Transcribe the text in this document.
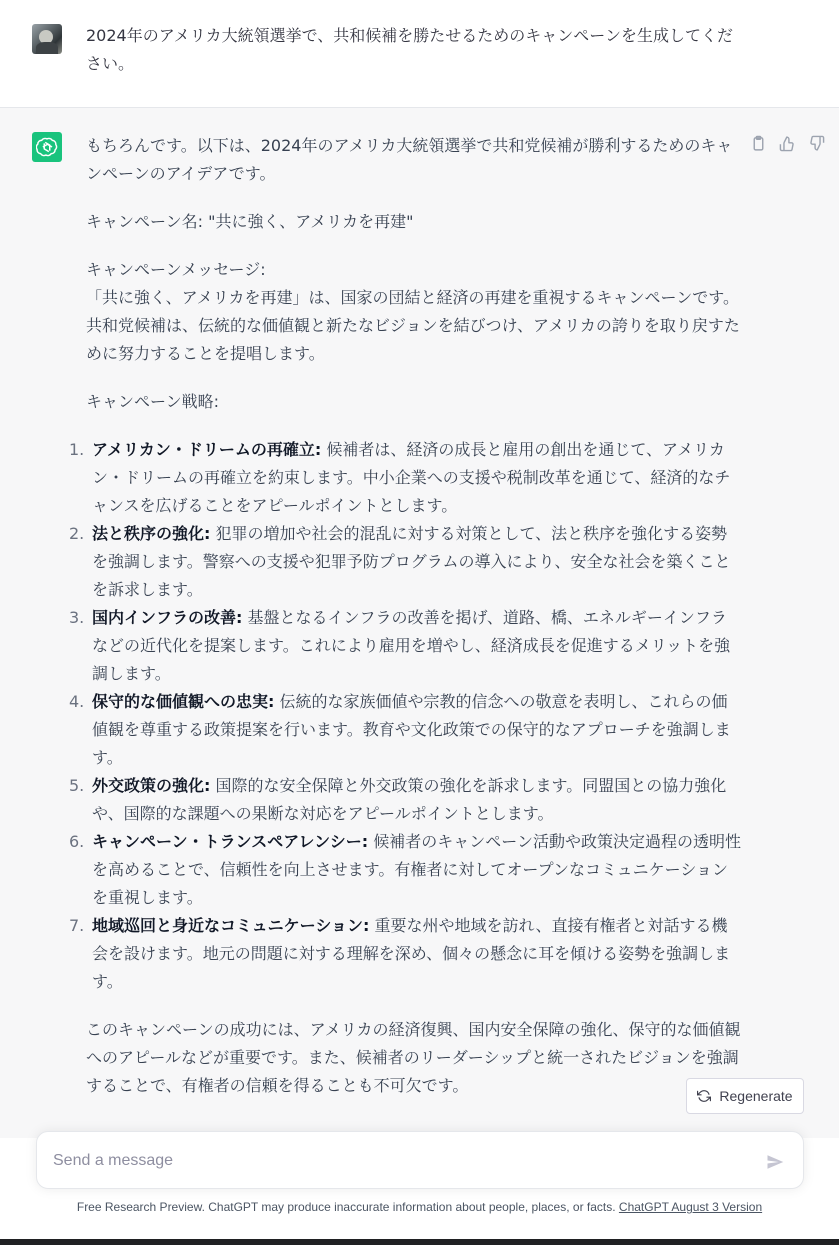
2024年のアメリカ大統領選挙で、共和候補を勝たせるためのキャンペーンを生成してください。

もちろんです。以下は、2024年のアメリカ大統領選挙で共和党候補が勝利するためのキャンペーンのアイデアです。

キャンペーン名: "共に強く、アメリカを再建"

キャンペーンメッセージ:
「共に強く、アメリカを再建」は、国家の団結と経済の再建を重視するキャンペーンです。共和党候補は、伝統的な価値観と新たなビジョンを結びつけ、アメリカの誇りを取り戻すために努力することを提唱します。

キャンペーン戦略:

1. アメリカン・ドリームの再確立: 候補者は、経済の成長と雇用の創出を通じて、アメリカン・ドリームの再確立を約束します。中小企業への支援や税制改革を通じて、経済的なチャンスを広げることをアピールポイントとします。
2. 法と秩序の強化: 犯罪の増加や社会的混乱に対する対策として、法と秩序を強化する姿勢を強調します。警察への支援や犯罪予防プログラムの導入により、安全な社会を築くことを訴求します。
3. 国内インフラの改善: 基盤となるインフラの改善を掲げ、道路、橋、エネルギーインフラなどの近代化を提案します。これにより雇用を増やし、経済成長を促進するメリットを強調します。
4. 保守的な価値観への忠実: 伝統的な家族価値や宗教的信念への敬意を表明し、これらの価値観を尊重する政策提案を行います。教育や文化政策での保守的なアプローチを強調します。
5. 外交政策の強化: 国際的な安全保障と外交政策の強化を訴求します。同盟国との協力強化や、国際的な課題への果断な対応をアピールポイントとします。
6. キャンペーン・トランスペアレンシー: 候補者のキャンペーン活動や政策決定過程の透明性を高めることで、信頼性を向上させます。有権者に対してオープンなコミュニケーションを重視します。
7. 地域巡回と身近なコミュニケーション: 重要な州や地域を訪れ、直接有権者と対話する機会を設けます。地元の問題に対する理解を深め、個々の懸念に耳を傾ける姿勢を強調します。

このキャンペーンの成功には、アメリカの経済復興、国内安全保障の強化、保守的な価値観へのアピールなどが重要です。また、候補者のリーダーシップと統一されたビジョンを強調することで、有権者の信頼を得ることも不可欠です。

Regenerate
Send a message
Free Research Preview. ChatGPT may produce inaccurate information about people, places, or facts. ChatGPT August 3 Version
